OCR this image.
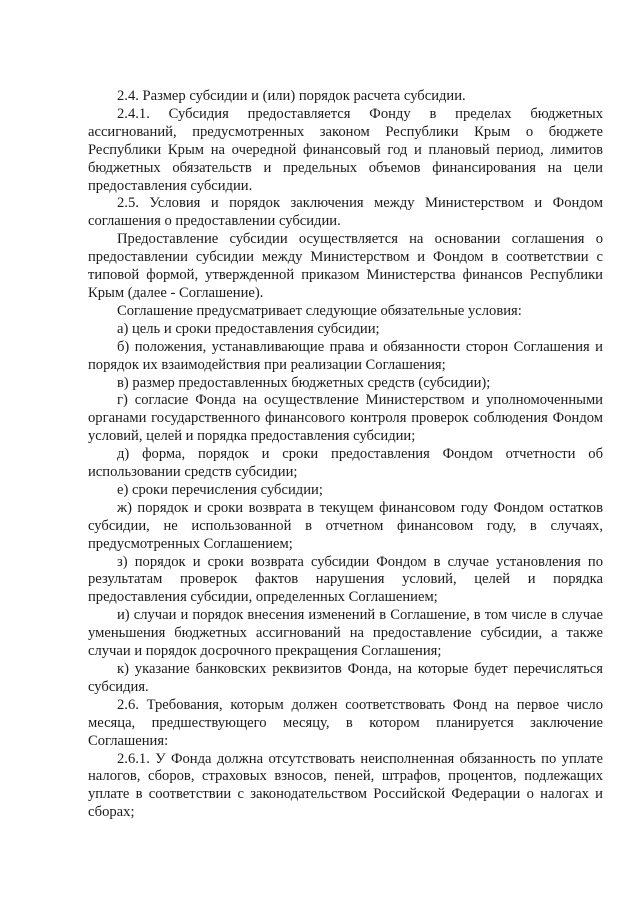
2.4. Размер субсидии и (или) порядок расчета субсидии.

2.4.1. Субсидия предоставляется Фонду в пределах бюджетных ассигнований, предусмотренных законом Республики Крым о бюджете Республики Крым на очередной финансовый год и плановый период, лимитов бюджетных обязательств и предельных объемов финансирования на цели предоставления субсидии.

2.5. Условия и порядок заключения между Министерством и Фондом соглашения о предоставлении субсидии.

Предоставление субсидии осуществляется на основании соглашения о предоставлении субсидии между Министерством и Фондом в соответствии с типовой формой, утвержденной приказом Министерства финансов Республики Крым (далее - Соглашение).

Соглашение предусматривает следующие обязательные условия:

а) цель и сроки предоставления субсидии;

б) положения, устанавливающие права и обязанности сторон Соглашения и порядок их взаимодействия при реализации Соглашения;

в) размер предоставленных бюджетных средств (субсидии);

г) согласие Фонда на осуществление Министерством и уполномоченными органами государственного финансового контроля проверок соблюдения Фондом условий, целей и порядка предоставления субсидии;

д) форма, порядок и сроки предоставления Фондом отчетности об использовании средств субсидии;

е) сроки перечисления субсидии;

ж) порядок и сроки возврата в текущем финансовом году Фондом остатков субсидии, не использованной в отчетном финансовом году, в случаях, предусмотренных Соглашением;

з) порядок и сроки возврата субсидии Фондом в случае установления по результатам проверок фактов нарушения условий, целей и порядка предоставления субсидии, определенных Соглашением;

и) случаи и порядок внесения изменений в Соглашение, в том числе в случае уменьшения бюджетных ассигнований на предоставление субсидии, а также случаи и порядок досрочного прекращения Соглашения;

к) указание банковских реквизитов Фонда, на которые будет перечисляться субсидия.

2.6. Требования, которым должен соответствовать Фонд на первое число месяца, предшествующего месяцу, в котором планируется заключение Соглашения:

2.6.1. У Фонда должна отсутствовать неисполненная обязанность по уплате налогов, сборов, страховых взносов, пеней, штрафов, процентов, подлежащих уплате в соответствии с законодательством Российской Федерации о налогах и сборах;
